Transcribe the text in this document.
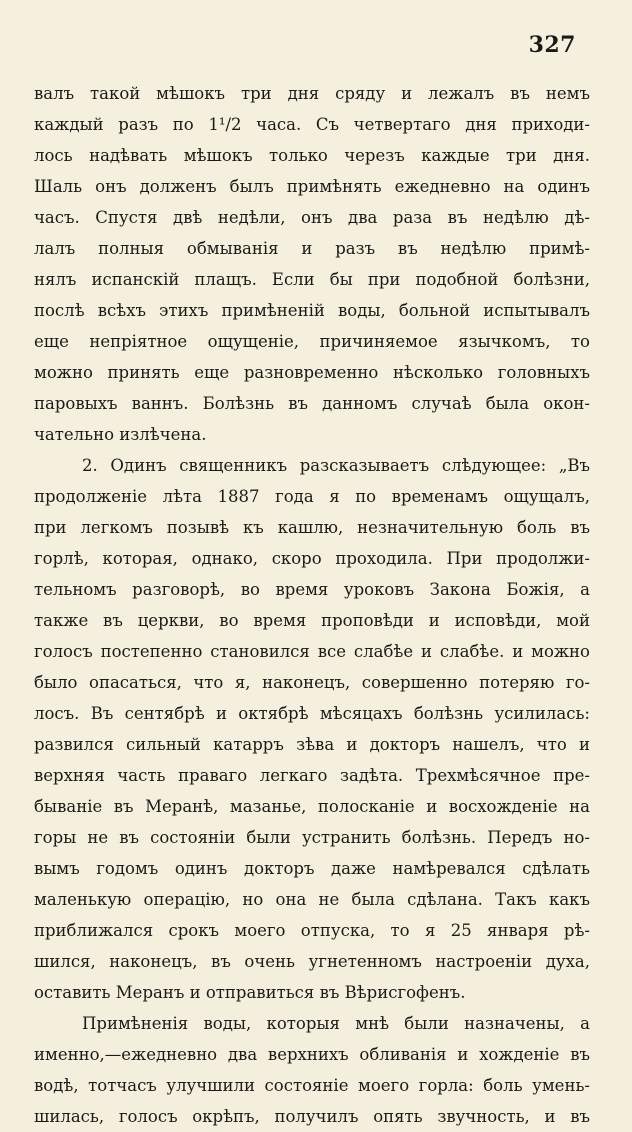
327
валъ такой мѣшокъ три дня сряду и лежалъ въ немъ
каждый разъ по 1¹/2 часа. Съ четвертаго дня приходи-
лось надѣвать мѣшокъ только черезъ каждые три дня.
Шаль онъ долженъ былъ примѣнять ежедневно на одинъ
часъ. Спустя двѣ недѣли, онъ два раза въ недѣлю дѣ-
лалъ полныя обмыванія и разъ въ недѣлю примѣ-
нялъ испанскій плащъ. Если бы при подобной болѣзни,
послѣ всѣхъ этихъ примѣненій воды, больной испытывалъ
еще непріятное ощущеніе, причиняемое язычкомъ, то
можно принять еще разновременно нѣсколько головныхъ
паровыхъ ваннъ. Болѣзнь въ данномъ случаѣ была окон-
чательно излѣчена.
2. Одинъ священникъ разсказываетъ слѣдующее: „Въ
продолженіе лѣта 1887 года я по временамъ ощущалъ,
при легкомъ позывѣ къ кашлю, незначительную боль въ
горлѣ, которая, однако, скоро проходила. При продолжи-
тельномъ разговорѣ, во время уроковъ Закона Божія, а
также въ церкви, во время проповѣди и исповѣди, мой
голосъ постепенно становился все слабѣе и слабѣе. и можно
было опасаться, что я, наконецъ, совершенно потеряю го-
лосъ. Въ сентябрѣ и октябрѣ мѣсяцахъ болѣзнь усилилась:
развился сильный катарръ зѣва и докторъ нашелъ, что и
верхняя часть праваго легкаго задѣта. Трехмѣсячное пре-
бываніе въ Меранѣ, мазанье, полосканіе и восхожденіе на
горы не въ состояніи были устранить болѣзнь. Передъ но-
вымъ годомъ одинъ докторъ даже намѣревался сдѣлать
маленькую операцію, но она не была сдѣлана. Такъ какъ
приближался срокъ моего отпуска, то я 25 января рѣ-
шился, наконецъ, въ очень угнетенномъ настроеніи духа,
оставить Меранъ и отправиться въ Вѣрисгофенъ.
Примѣненія воды, которыя мнѣ были назначены, а
именно,—ежедневно два верхнихъ обливанія и хожденіе въ
водѣ, тотчасъ улучшили состояніе моего горла: боль умень-
шилась, голосъ окрѣпъ, получилъ опять звучность, и въ
